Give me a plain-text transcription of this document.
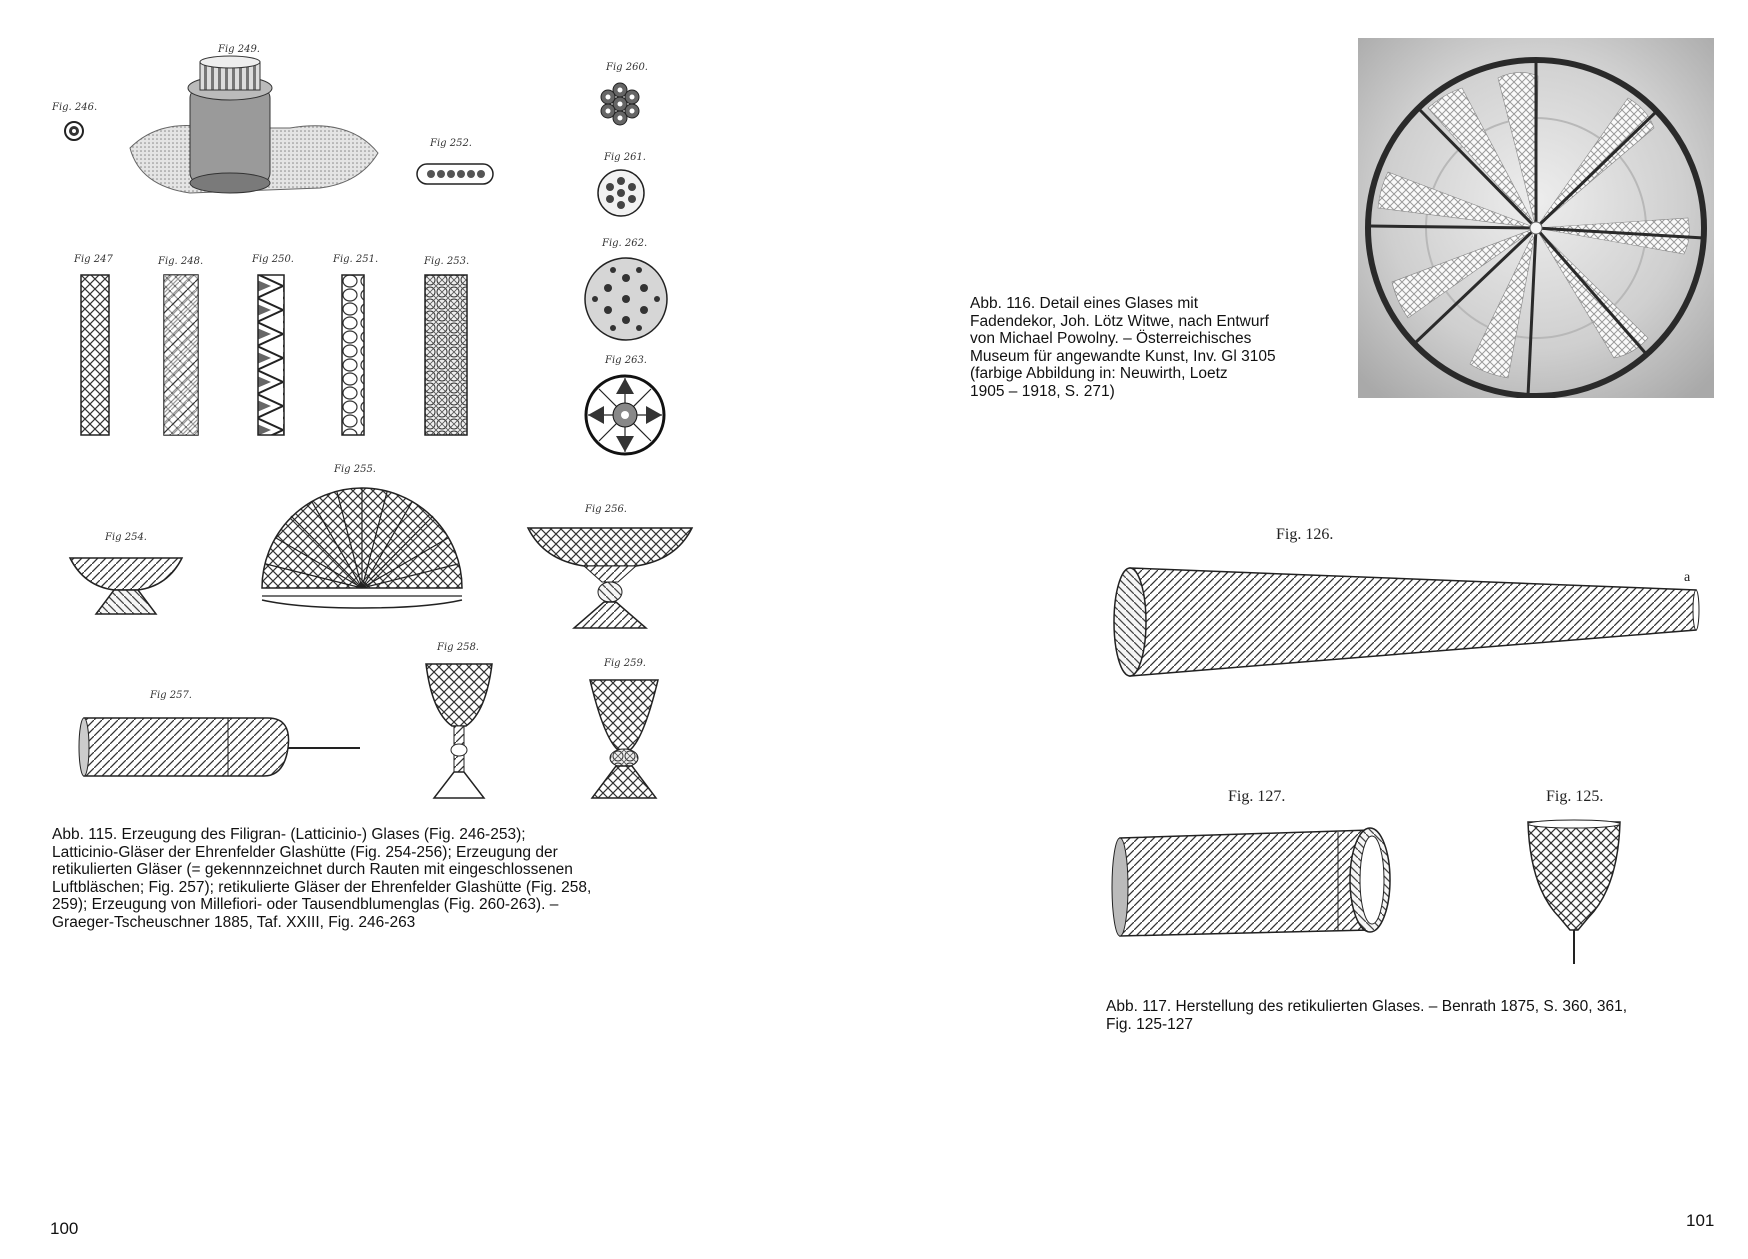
Fig 249.
Fig. 246.
Fig 252.
Fig 260.
Fig 261.
Fig. 262.
Fig 263.
Fig 247	Fig. 248.	Fig 250.	Fig. 251.	Fig. 253.
Fig 255.
Fig 254.
Fig 256.
Fig 258.
Fig 259.
Fig 257.
Abb. 115. Erzeugung des Filigran- (Latticinio-) Glases (Fig. 246-253);
Latticinio-Gläser der Ehrenfelder Glashütte (Fig. 254-256); Erzeugung der
retikulierten Gläser (= gekennnzeichnet durch Rauten mit eingeschlossenen
Luftbläschen; Fig. 257); retikulierte Gläser der Ehrenfelder Glashütte (Fig. 258,
259); Erzeugung von Millefiori- oder Tausendblumenglas (Fig. 260-263). –
Graeger-Tscheuschner 1885, Taf. XXIII, Fig. 246-263
100
Abb. 116. Detail eines Glases mit
Fadendekor, Joh. Lötz Witwe, nach Entwurf
von Michael Powolny. – Österreichisches
Museum für angewandte Kunst, Inv. Gl 3105
(farbige Abbildung in: Neuwirth, Loetz
1905 – 1918, S. 271)
Fig. 126.
a
Fig. 127.	Fig. 125.
Abb. 117. Herstellung des retikulierten Glases. – Benrath 1875, S. 360, 361,
Fig. 125-127
101
